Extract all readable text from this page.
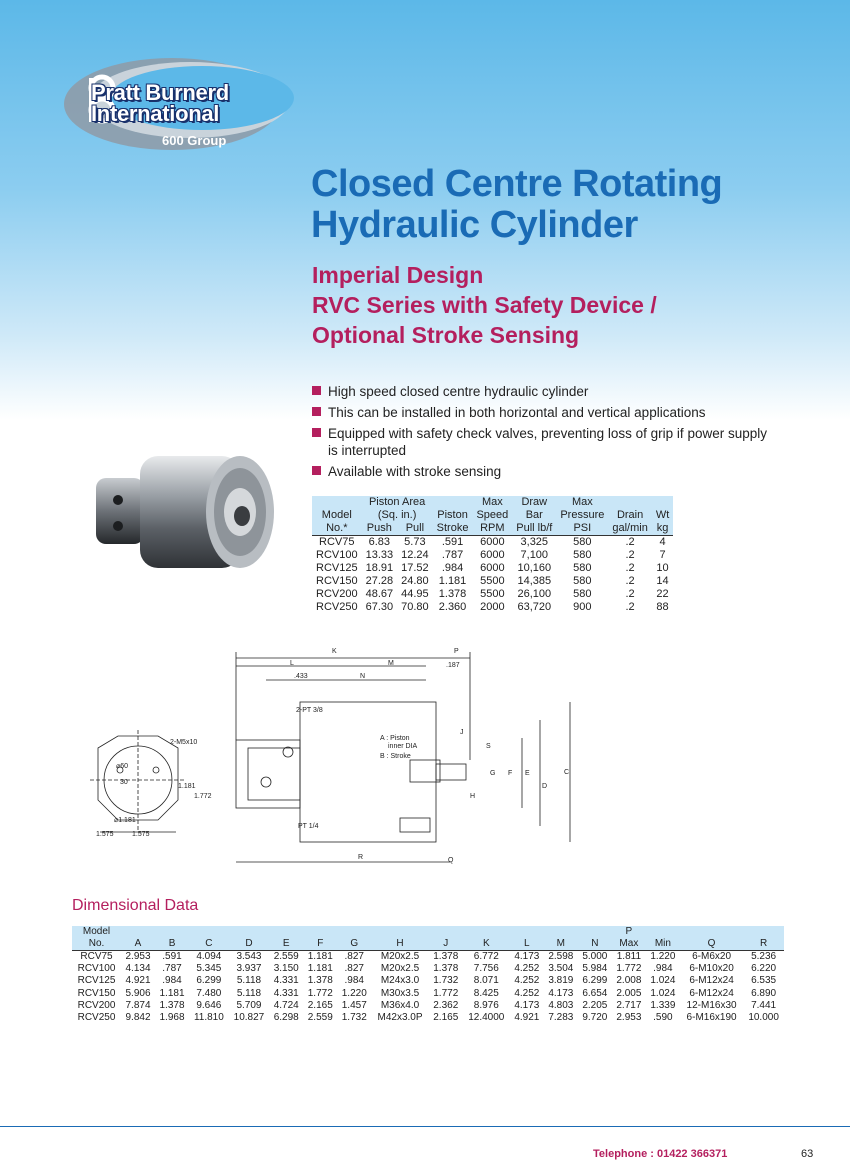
Pratt Burnerd
International
600 Group
Closed Centre Rotating
Hydraulic Cylinder
Imperial Design
RVC Series with Safety Device /
Optional Stroke Sensing
High speed closed centre hydraulic cylinder
This can be installed in both horizontal and vertical applications
Equipped with safety check valves, preventing loss of grip if power supply is interrupted
Available with stroke sensing
	Piston Area			Max	Draw	Max		
Model	(Sq. in.)		Piston	Speed	Bar	Pressure	Drain	Wt
No.*	Push	Pull	Stroke	RPM	Pull lb/f	PSI	gal/min	kg
RCV75	6.83	5.73	.591	6000	3,325	580	.2	4
RCV100	13.33	12.24	.787	6000	7,100	580	.2	7
RCV125	18.91	17.52	.984	6000	10,160	580	.2	10
RCV150	27.28	24.80	1.181	5500	14,385	580	.2	14
RCV200	48.67	44.95	1.378	5500	26,100	580	.2	22
RCV250	67.30	70.80	2.360	2000	63,720	900	.2	88
K	P
L	M	.187
.433	N
2-PT 3/8
2-M5x10
⌀60
30
1.181
1.772
⌀1.181
1.575	1.575
A : Piston
inner DIA
B : Stroke
J
S
G F E
D
C
H
PT 1/4
R	Q
Dimensional Data
Model														P			
No.	A	B	C	D	E	F	G	H	J	K	L	M	N	Max	Min	Q	R
RCV75	2.953	.591	4.094	3.543	2.559	1.181	.827	M20x2.5	1.378	6.772	4.173	2.598	5.000	1.811	1.220	6-M6x20	5.236
RCV100	4.134	.787	5.345	3.937	3.150	1.181	.827	M20x2.5	1.378	7.756	4.252	3.504	5.984	1.772	.984	6-M10x20	6.220
RCV125	4.921	.984	6.299	5.118	4.331	1.378	.984	M24x3.0	1.732	8.071	4.252	3.819	6.299	2.008	1.024	6-M12x24	6.535
RCV150	5.906	1.181	7.480	5.118	4.331	1.772	1.220	M30x3.5	1.772	8.425	4.252	4.173	6.654	2.005	1.024	6-M12x24	6.890
RCV200	7.874	1.378	9.646	5.709	4.724	2.165	1.457	M36x4.0	2.362	8.976	4.173	4.803	2.205	2.717	1.339	12-M16x30	7.441
RCV250	9.842	1.968	11.810	10.827	6.298	2.559	1.732	M42x3.0P	2.165	12.4000	4.921	7.283	9.720	2.953	.590	6-M16x190	10.000
Telephone : 01422 366371	63
